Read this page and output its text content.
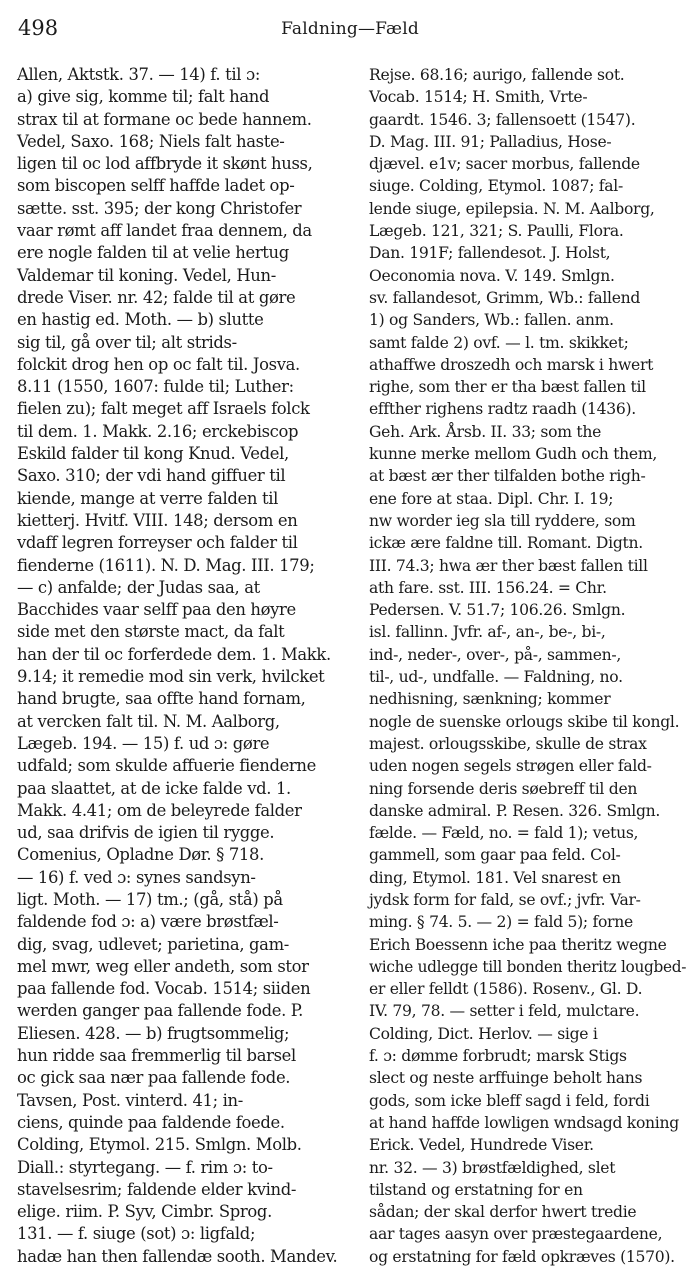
498	Faldning—Fæld
Allen, Aktstk. 37. — 14) f. til ɔ:
a) give sig, komme til; falt hand
strax til at formane oc bede hannem.
Vedel, Saxo. 168; Niels falt haste-
ligen til oc lod affbryde it skønt huss,
som biscopen selff haffde ladet op-
sætte. sst. 395; der kong Christofer
vaar rømt aff landet fraa dennem, da
ere nogle falden til at velie hertug
Valdemar til koning. Vedel, Hun-
drede Viser. nr. 42; falde til at gøre
en hastig ed. Moth. — b) slutte
sig til, gå over til; alt strids-
folckit drog hen op oc falt til. Josva.
8.11 (1550, 1607: fulde til; Luther:
fielen zu); falt meget aff Israels folck
til dem. 1. Makk. 2.16; erckebiscop
Eskild falder til kong Knud. Vedel,
Saxo. 310; der vdi hand giffuer til
kiende, mange at verre falden til
kietterj. Hvitf. VIII. 148; dersom en
vdaff legren forreyser och falder til
fienderne (1611). N. D. Mag. III. 179;
— c) anfalde; der Judas saa, at
Bacchides vaar selff paa den høyre
side met den største mact, da falt
han der til oc forferdede dem. 1. Makk.
9.14; it remedie mod sin verk, hvilcket
hand brugte, saa offte hand fornam,
at vercken falt til. N. M. Aalborg,
Lægeb. 194. — 15) f. ud ɔ: gøre
udfald; som skulde affuerie fienderne
paa slaattet, at de icke falde vd. 1.
Makk. 4.41; om de beleyrede falder
ud, saa drifvis de igien til rygge.
Comenius, Opladne Dør. § 718.
— 16) f. ved ɔ: synes sandsyn-
ligt. Moth. — 17) tm.; (gå, stå) på
faldende fod ɔ: a) være brøstfæl-
dig, svag, udlevet; parietina, gam-
mel mwr, weg eller andeth, som stor
paa fallende fod. Vocab. 1514; siiden
werden ganger paa fallende fode. P.
Eliesen. 428. — b) frugtsommelig;
hun ridde saa fremmerlig til barsel
oc gick saa nær paa fallende fode.
Tavsen, Post. vinterd. 41; in-
ciens, quinde paa faldende foede.
Colding, Etymol. 215. Smlgn. Molb.
Diall.: styrtegang. — f. rim ɔ: to-
stavelsesrim; faldende elder kvind-
elige. riim. P. Syv, Cimbr. Sprog.
131. — f. siuge (sot) ɔ: ligfald;
hadæ han then fallendæ sooth. Mandev.
Rejse. 68.16; aurigo, fallende sot.
Vocab. 1514; H. Smith, Vrte-
gaardt. 1546. 3; fallensoett (1547).
D. Mag. III. 91; Palladius, Hose-
djævel. e1v; sacer morbus, fallende
siuge. Colding, Etymol. 1087; fal-
lende siuge, epilepsia. N. M. Aalborg,
Lægeb. 121, 321; S. Paulli, Flora.
Dan. 191F; fallendesot. J. Holst,
Oeconomia nova. V. 149. Smlgn.
sv. fallandesot, Grimm, Wb.: fallend
1) og Sanders, Wb.: fallen. anm.
samt falde 2) ovf. — l. tm. skikket;
athaffwe droszedh och marsk i hwert
righe, som ther er tha bæst fallen til
effther righens radtz raadh (1436).
Geh. Ark. Årsb. II. 33; som the
kunne merke mellom Gudh och them,
at bæst ær ther tilfalden bothe righ-
ene fore at staa. Dipl. Chr. I. 19;
nw worder ieg sla till ryddere, som
ickæ ære faldne till. Romant. Digtn.
III. 74.3; hwa ær ther bæst fallen till
ath fare. sst. III. 156.24. = Chr.
Pedersen. V. 51.7; 106.26. Smlgn.
isl. fallinn. Jvfr. af-, an-, be-, bi-,
ind-, neder-, over-, på-, sammen-,
til-, ud-, undfalle. — Faldning, no.
nedhisning, sænkning; kommer
nogle de suenske orlougs skibe til kongl.
majest. orlougsskibe, skulle de strax
uden nogen segels strøgen eller fald-
ning forsende deris søebreff til den
danske admiral. P. Resen. 326. Smlgn.
fælde. — Fæld, no. = fald 1); vetus,
gammell, som gaar paa feld. Col-
ding, Etymol. 181. Vel snarest en
jydsk form for fald, se ovf.; jvfr. Var-
ming. § 74. 5. — 2) = fald 5); forne
Erich Boessenn iche paa theritz wegne
wiche udlegge till bonden theritz lougbed-
er eller felldt (1586). Rosenv., Gl. D.
IV. 79, 78. — setter i feld, mulctare.
Colding, Dict. Herlov. — sige i
f. ɔ: dømme forbrudt; marsk Stigs
slect og neste arffuinge beholt hans
gods, som icke bleff sagd i feld, fordi
at hand haffde lowligen wndsagd koning
Erick. Vedel, Hundrede Viser.
nr. 32. — 3) brøstfældighed, slet
tilstand og erstatning for en
sådan; der skal derfor hwert tredie
aar tages aasyn over præstegaardene,
og erstatning for fæld opkræves (1570).
